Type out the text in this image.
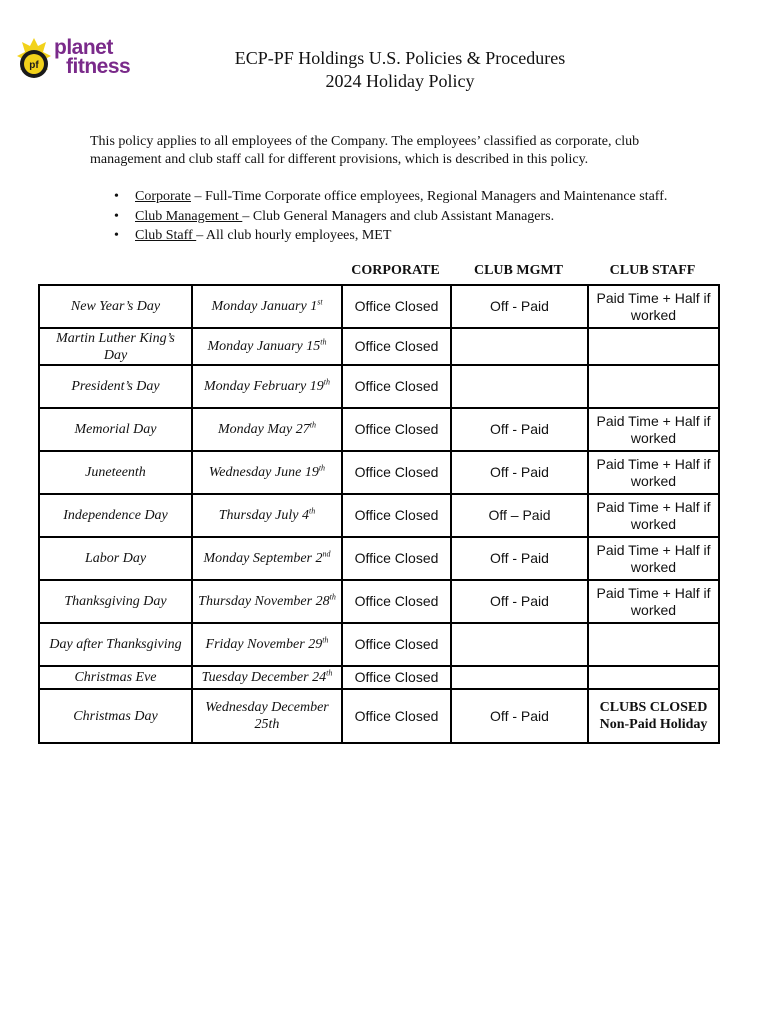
pf
planet
fitness	ECP-PF Holdings U.S. Policies & Procedures
2024 Holiday Policy
This policy applies to all employees of the Company. The employees’ classified as corporate, club management and club staff call for different provisions, which is described in this policy.
• Corporate – Full-Time Corporate office employees, Regional Managers and Maintenance staff.
• Club Management – Club General Managers and club Assistant Managers.
• Club Staff – All club hourly employees, MET
CORPORATE	CLUB MGMT	CLUB STAFF
New Year’s Day	Monday January 1st	Office Closed	Off - Paid	Paid Time + Half if worked
Martin Luther King’s Day	Monday January 15th	Office Closed		
President’s Day	Monday February 19th	Office Closed		
Memorial Day	Monday May 27th	Office Closed	Off - Paid	Paid Time + Half if worked
Juneteenth	Wednesday June 19th	Office Closed	Off - Paid	Paid Time + Half if worked
Independence Day	Thursday July 4th	Office Closed	Off – Paid	Paid Time + Half if worked
Labor Day	Monday September 2nd	Office Closed	Off - Paid	Paid Time + Half if worked
Thanksgiving Day	Thursday November 28th	Office Closed	Off - Paid	Paid Time + Half if worked
Day after Thanksgiving	Friday November 29th	Office Closed		
Christmas Eve	Tuesday December 24th	Office Closed		
Christmas Day	Wednesday December 25th	Office Closed	Off - Paid	CLUBS CLOSED Non-Paid Holiday
